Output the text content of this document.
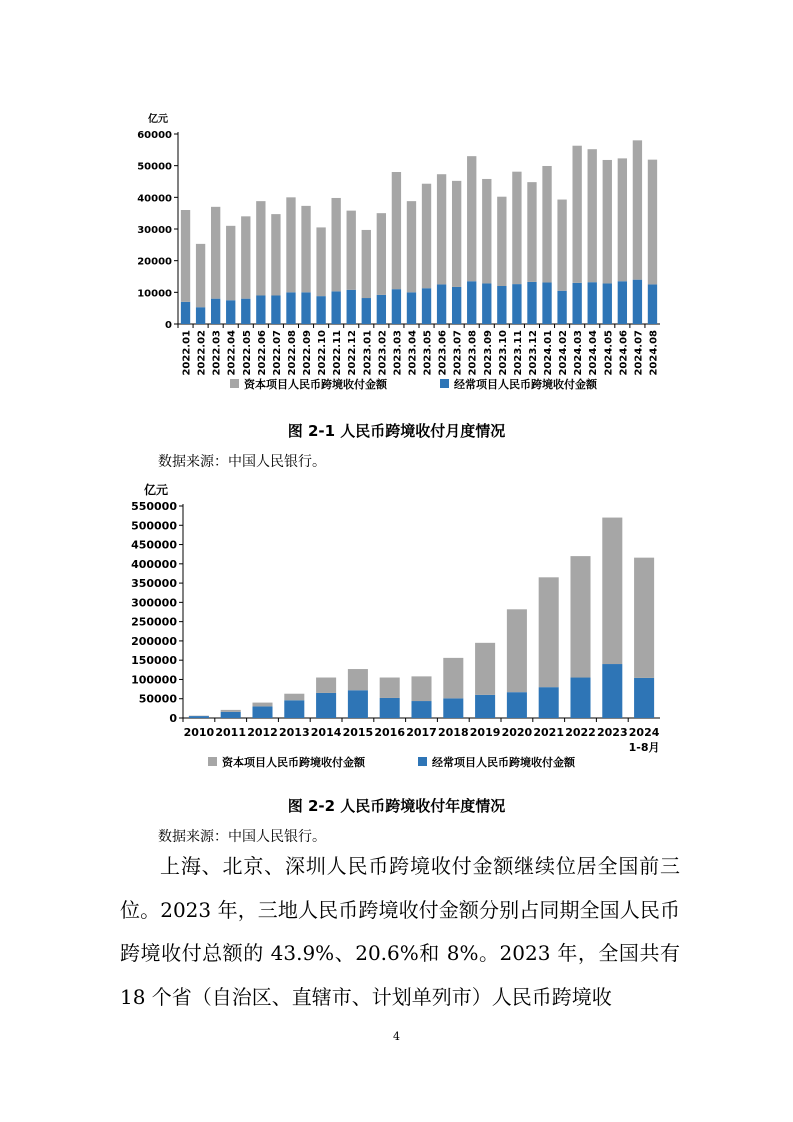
亿元
0
10000
20000
30000
40000
50000
60000
2022.01 2022.02 2022.03 2022.04 2022.05 2022.06 2022.07 2022.08 2022.09 2022.10 2022.11 2022.12 2023.01 2023.02 2023.03 2023.04 2023.05 2023.06 2023.07 2023.08 2023.09 2023.10 2023.11 2023.12 2024.01 2024.02 2024.03 2024.04 2024.05 2024.06 2024.07 2024.08
资本项目人民币跨境收付金额	经常项目人民币跨境收付金额
图 2-1 人民币跨境收付月度情况
数据来源：中国人民银行。
亿元
0
50000
100000
150000
200000
250000
300000
350000
400000
450000
500000
550000
2010 2011 2012 2013 2014 2015 2016 2017 2018 2019 2020 2021 2022 2023 2024
1-8月
资本项目人民币跨境收付金额	经常项目人民币跨境收付金额
图 2-2 人民币跨境收付年度情况
数据来源：中国人民银行。

上海、北京、深圳人民币跨境收付金额继续位居全国前三位。2023 年，三地人民币跨境收付金额分别占同期全国人民币跨境收付总额的 43.9%、20.6%和 8%。2023 年，全国共有 18 个省（自治区、直辖市、计划单列市）人民币跨境收

4
